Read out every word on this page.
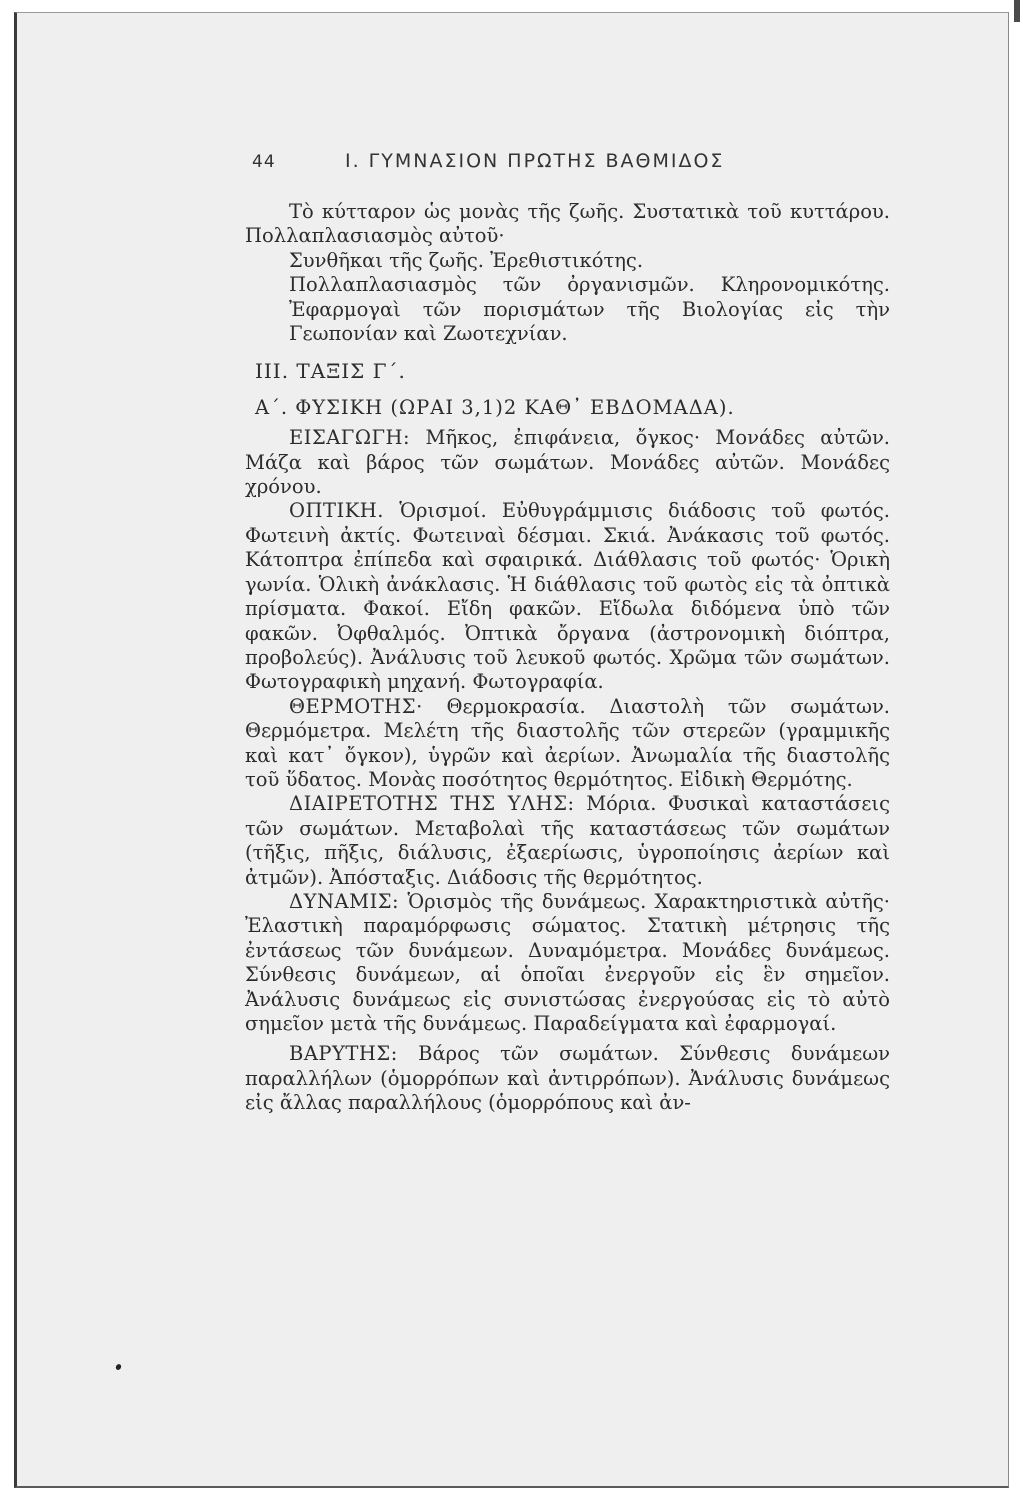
44	I. ΓΥΜΝΑΣΙΟΝ ΠΡΩΤΗΣ ΒΑΘΜΙΔΟΣ

Τὸ κύτταρον ὡς μονὰς τῆς ζωῆς. Συστατικὰ τοῦ κυττάρου. Πολλαπλασιασμὸς αὐτοῦ·

Συνθῆκαι τῆς ζωῆς. Ἐρεθιστικότης.

Πολλαπλασιασμὸς τῶν ὀργανισμῶν. Κληρονομικότης. Ἐφαρμογαὶ τῶν πορισμάτων τῆς Βιολογίας εἰς τὴν Γεωπονίαν καὶ Ζωοτεχνίαν.

III. ΤΑΞΙΣ Γ΄.

Α΄. ΦΥΣΙΚΗ (ΩΡΑΙ 3,1)2 ΚΑΘ᾿ ΕΒΔΟΜΑΔΑ).

ΕΙΣΑΓΩΓΗ: Μῆκος, ἐπιφάνεια, ὄγκος· Μονάδες αὐτῶν. Μάζα καὶ βάρος τῶν σωμάτων. Μονάδες αὐτῶν. Μονάδες χρόνου.

ΟΠΤΙΚΗ. Ὁρισμοί. Εὐθυγράμμισις διάδοσις τοῦ φωτός. Φωτεινὴ ἀκτίς. Φωτειναὶ δέσμαι. Σκιά. Ἀνάκασις τοῦ φωτός. Κάτοπτρα ἐπίπεδα καὶ σφαιρικά. Διάθλασις τοῦ φωτός· Ὁρικὴ γωνία. Ὁλικὴ ἀνάκλασις. Ἡ διάθλασις τοῦ φωτὸς εἰς τὰ ὀπτικὰ πρίσματα. Φακοί. Εἴδη φακῶν. Εἴδωλα διδόμενα ὑπὸ τῶν φακῶν. Ὀφθαλμός. Ὀπτικὰ ὄργανα (ἀστρονομικὴ διόπτρα, προβολεύς). Ἀνάλυσις τοῦ λευκοῦ φωτός. Χρῶμα τῶν σωμάτων. Φωτογραφικὴ μηχανή. Φωτογραφία.

ΘΕΡΜΟΤΗΣ· Θερμοκρασία. Διαστολὴ τῶν σωμάτων. Θερμόμετρα. Μελέτη τῆς διαστολῆς τῶν στερεῶν (γραμμικῆς καὶ κατ᾿ ὄγκον), ὑγρῶν καὶ ἀερίων. Ἀνωμαλία τῆς διαστολῆς τοῦ ὕδατος. Μονὰς ποσότητος θερμότητος. Εἰδικὴ Θερμότης.

ΔΙΑΙΡΕΤΟΤΗΣ ΤΗΣ ΥΛΗΣ: Μόρια. Φυσικαὶ καταστάσεις τῶν σωμάτων. Μεταβολαὶ τῆς καταστάσεως τῶν σωμάτων (τῆξις, πῆξις, διάλυσις, ἐξαερίωσις, ὑγροποίησις ἀερίων καὶ ἀτμῶν). Ἀπόσταξις. Διάδοσις τῆς θερμότητος.

ΔΥΝΑΜΙΣ: Ὁρισμὸς τῆς δυνάμεως. Χαρακτηριστικὰ αὐτῆς· Ἐλαστικὴ παραμόρφωσις σώματος. Στατικὴ μέτρησις τῆς ἐντάσεως τῶν δυνάμεων. Δυναμόμετρα. Μονάδες δυνάμεως. Σύνθεσις δυνάμεων, αἱ ὁποῖαι ἐνεργοῦν εἰς ἓν σημεῖον. Ἀνάλυσις δυνάμεως εἰς συνιστώσας ἐνεργούσας εἰς τὸ αὐτὸ σημεῖον μετὰ τῆς δυνάμεως. Παραδείγματα καὶ ἐφαρμογαί.

ΒΑΡΥΤΗΣ: Βάρος τῶν σωμάτων. Σύνθεσις δυνάμεων παραλλήλων (ὁμορρόπων καὶ ἀντιρρόπων). Ἀνάλυσις δυνάμεως εἰς ἄλλας παραλλήλους (ὁμορρόπους καὶ ἀν-
